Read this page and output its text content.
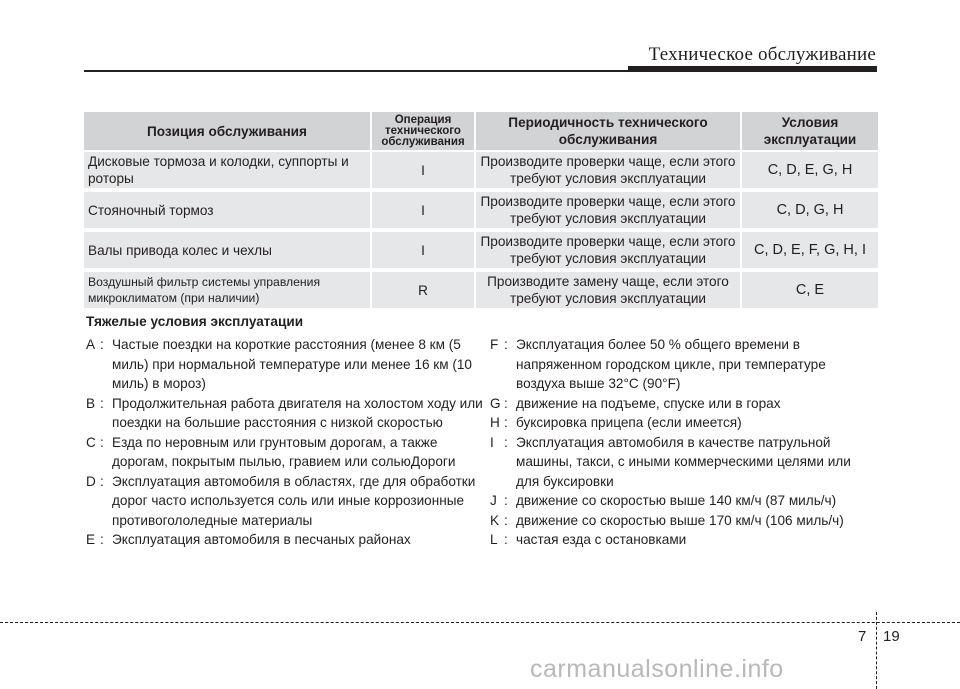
Техническое обслуживание
Позиция обслуживания	Операция технического обслуживания	Периодичность технического обслуживания	Условия эксплуатации
Дисковые тормоза и колодки, суппорты и роторы	I	Производите проверки чаще, если этого требуют условия эксплуатации	C, D, E, G, H
Стояночный тормоз	I	Производите проверки чаще, если этого требуют условия эксплуатации	C, D, G, H
Валы привода колес и чехлы	I	Производите проверки чаще, если этого требуют условия эксплуатации	C, D, E, F, G, H, I
Воздушный фильтр системы управления микроклиматом (при наличии)	R	Производите замену чаще, если этого требуют условия эксплуатации	C, E
Тяжелые условия эксплуатации
A : Частые поездки на короткие расстояния (менее 8 км (5 миль) при нормальной температуре или менее 16 км (10 миль) в мороз)
B : Продолжительная работа двигателя на холостом ходу или поездки на большие расстояния с низкой скоростью
C : Езда по неровным или грунтовым дорогам, а также дорогам, покрытым пылью, гравием или сольюДороги
D : Эксплуатация автомобиля в областях, где для обработки дорог часто используется соль или иные коррозионные противогололедные материалы
E : Эксплуатация автомобиля в песчаных районах
F : Эксплуатация более 50 % общего времени в напряженном городском цикле, при температуре воздуха выше 32°C (90°F)
G : движение на подъеме, спуске или в горах
H : буксировка прицепа (если имеется)
I : Эксплуатация автомобиля в качестве патрульной машины, такси, с иными коммерческими целями или для буксировки
J : движение со скоростью выше 140 км/ч (87 миль/ч)
K : движение со скоростью выше 170 км/ч (106 миль/ч)
L : частая езда с остановками
7 19
carmanualsonline.info
